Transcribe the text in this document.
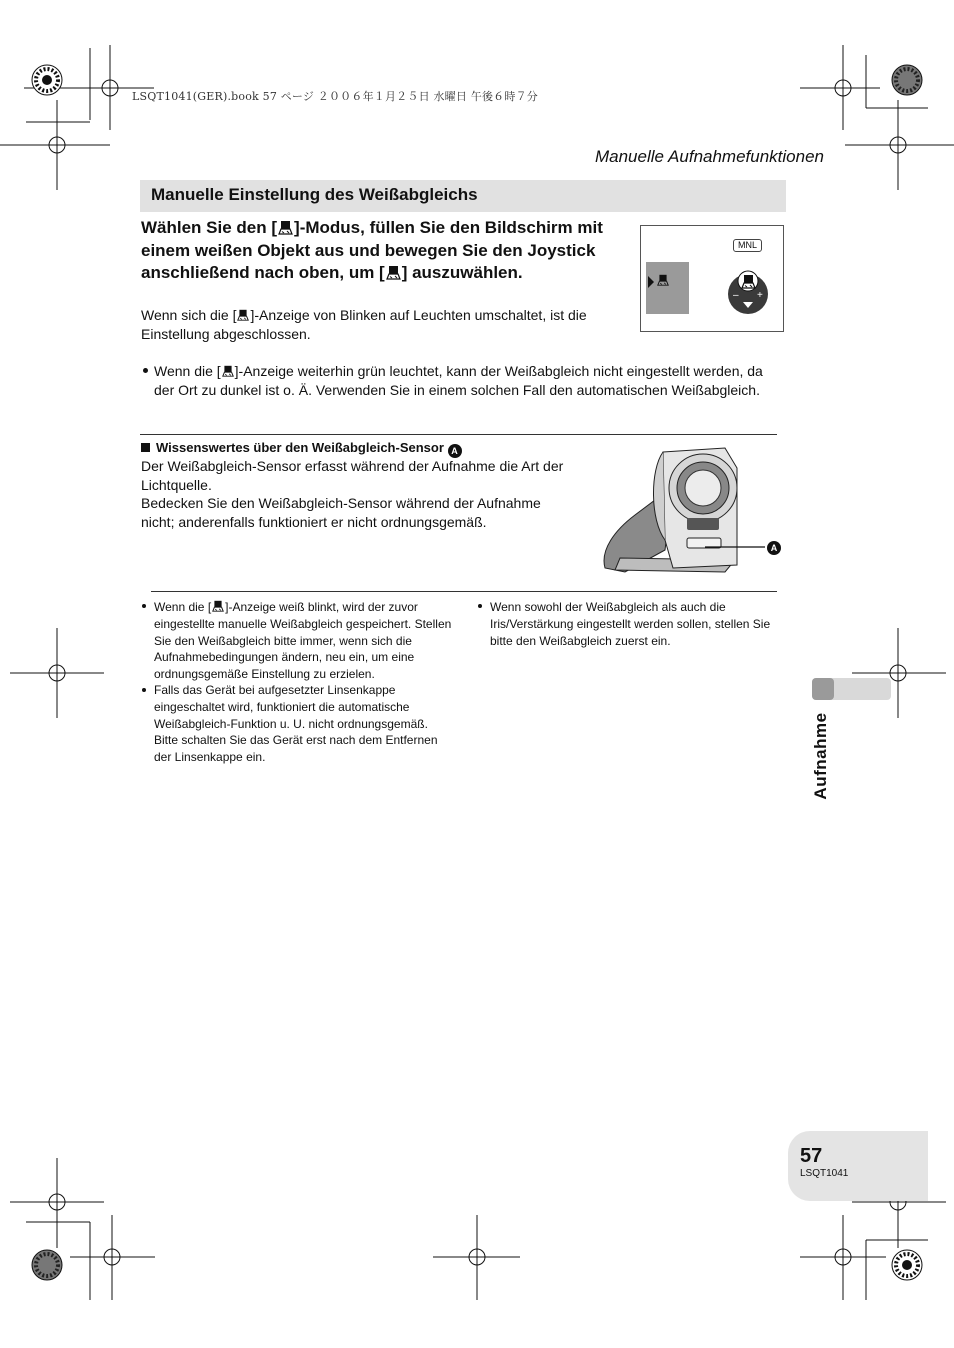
LSQT1041(GER).book 57 ページ ２００６年１月２５日 水曜日 午後６時７分
Manuelle Aufnahmefunktionen
Manuelle Einstellung des Weißabgleichs
Wählen Sie den [ ]-Modus, füllen Sie den Bildschirm mit einem weißen Objekt aus und bewegen Sie den Joystick anschließend nach oben, um [ ] auszuwählen.
Wenn sich die [ ]-Anzeige von Blinken auf Leuchten umschaltet, ist die Einstellung abgeschlossen.
MNL
– +
Wenn die [ ]-Anzeige weiterhin grün leuchtet, kann der Weißabgleich nicht eingestellt werden, da der Ort zu dunkel ist o. Ä. Verwenden Sie in einem solchen Fall den automatischen Weißabgleich.
Wissenswertes über den Weißabgleich-Sensor A
Der Weißabgleich-Sensor erfasst während der Aufnahme die Art der Lichtquelle.
Bedecken Sie den Weißabgleich-Sensor während der Aufnahme nicht; anderenfalls funktioniert er nicht ordnungsgemäß.
A
Wenn die [ ]-Anzeige weiß blinkt, wird der zuvor eingestellte manuelle Weißabgleich gespeichert. Stellen Sie den Weißabgleich bitte immer, wenn sich die Aufnahmebedingungen ändern, neu ein, um eine ordnungsgemäße Einstellung zu erzielen.
Falls das Gerät bei aufgesetzter Linsenkappe eingeschaltet wird, funktioniert die automatische Weißabgleich-Funktion u. U. nicht ordnungsgemäß. Bitte schalten Sie das Gerät erst nach dem Entfernen der Linsenkappe ein.
Wenn sowohl der Weißabgleich als auch die Iris/Verstärkung eingestellt werden sollen, stellen Sie bitte den Weißabgleich zuerst ein.
Aufnahme
57
LSQT1041
